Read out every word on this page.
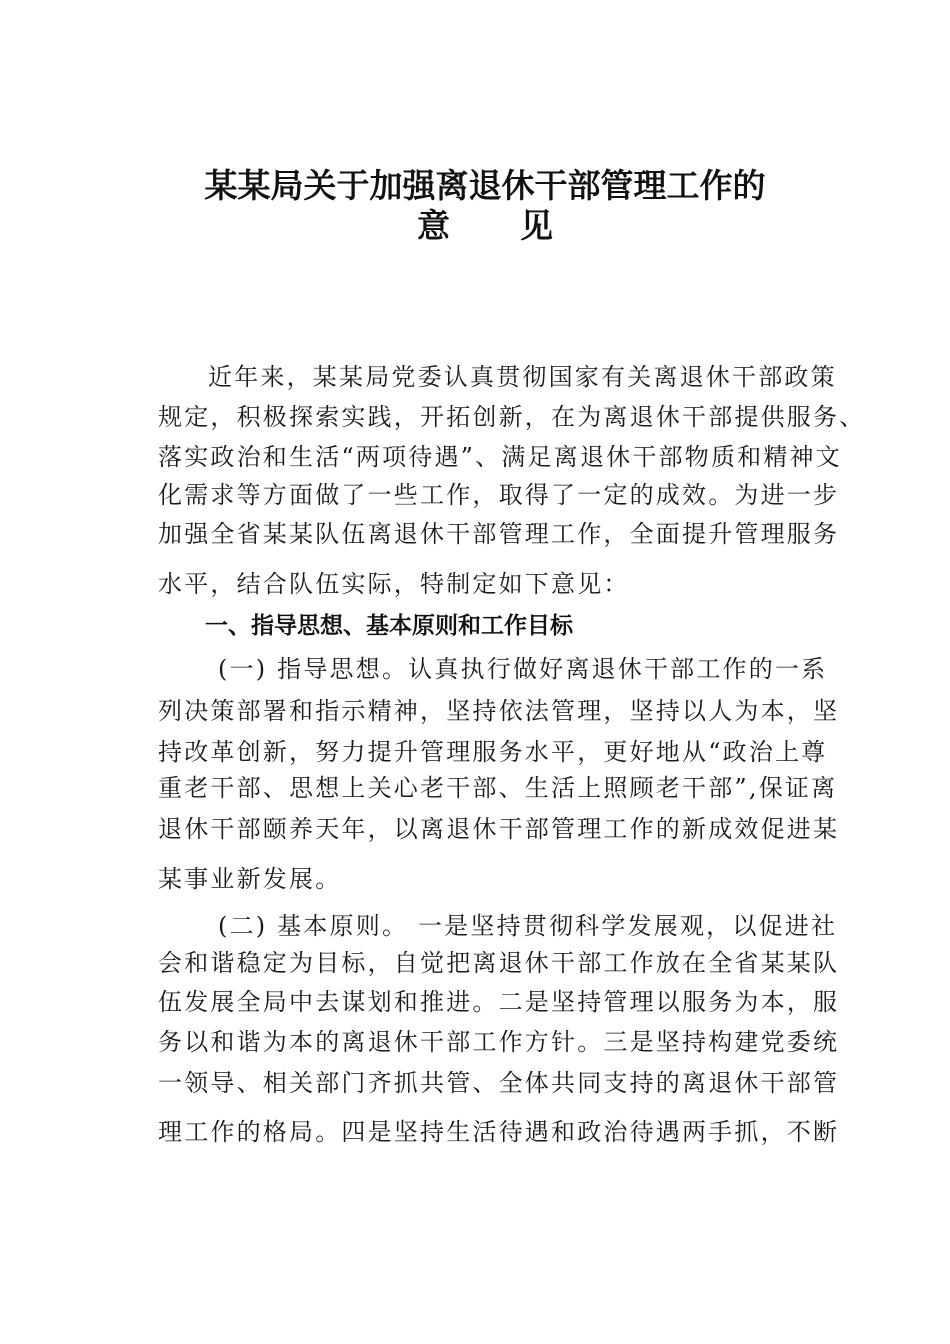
某某局关于加强离退休干部管理工作的
意见
近年来，某某局党委认真贯彻国家有关离退休干部政策
规定，积极探索实践，开拓创新，在为离退休干部提供服务、
落实政治和生活“两项待遇”、满足离退休干部物质和精神文
化需求等方面做了一些工作，取得了一定的成效。为进一步
加强全省某某队伍离退休干部管理工作，全面提升管理服务
水平，结合队伍实际，特制定如下意见：
一、指导思想、基本原则和工作目标
(一) 指导思想。认真执行做好离退休干部工作的一系
列决策部署和指示精神，坚持依法管理，坚持以人为本，坚
持改革创新，努力提升管理服务水平，更好地从“政治上尊
重老干部、思想上关心老干部、生活上照顾老干部”,保证离
退休干部颐养天年，以离退休干部管理工作的新成效促进某
某事业新发展。
(二) 基本原则。 一是坚持贯彻科学发展观，以促进社
会和谐稳定为目标，自觉把离退休干部工作放在全省某某队
伍发展全局中去谋划和推进。二是坚持管理以服务为本，服
务以和谐为本的离退休干部工作方针。三是坚持构建党委统
一领导、相关部门齐抓共管、全体共同支持的离退休干部管
理工作的格局。四是坚持生活待遇和政治待遇两手抓，不断
